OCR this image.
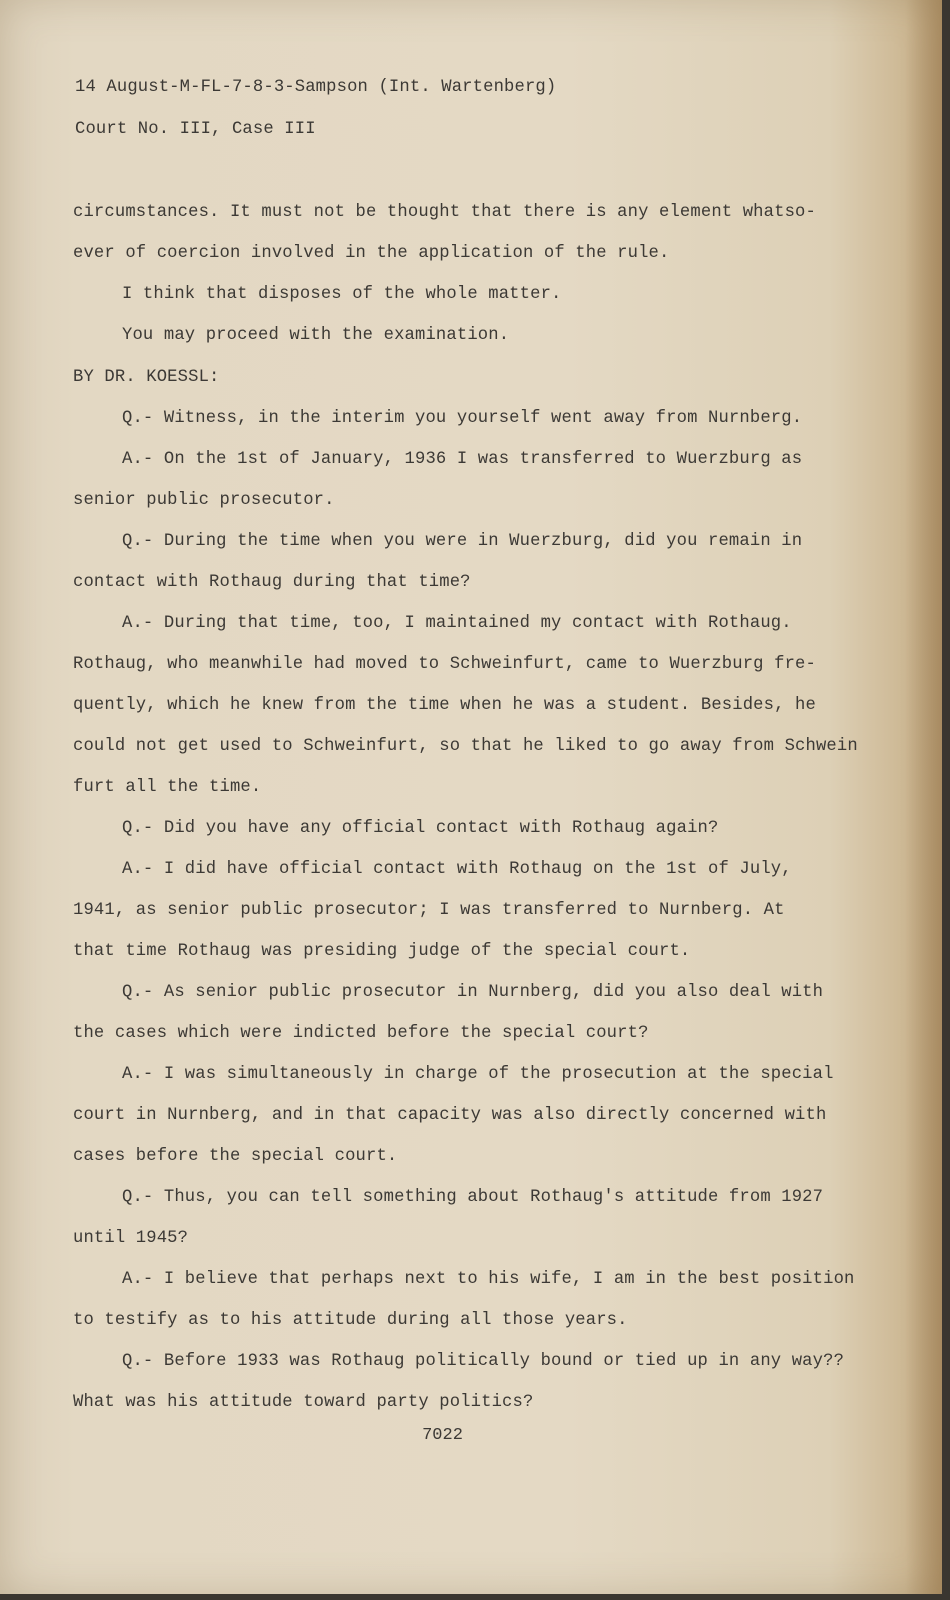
14 August-M-FL-7-8-3-Sampson (Int. Wartenberg)

Court No. III, Case III

circumstances. It must not be thought that there is any element whatso-

ever of coercion involved in the application of the rule.

I think that disposes of the whole matter.

You may proceed with the examination.

BY DR. KOESSL:

Q.- Witness, in the interim you yourself went away from Nurnberg.

A.- On the 1st of January, 1936 I was transferred to Wuerzburg as

senior public prosecutor.

Q.- During the time when you were in Wuerzburg, did you remain in

contact with Rothaug during that time?

A.- During that time, too, I maintained my contact with Rothaug.

Rothaug, who meanwhile had moved to Schweinfurt, came to Wuerzburg fre-

quently, which he knew from the time when he was a student. Besides, he

could not get used to Schweinfurt, so that he liked to go away from Schwein

furt all the time.

Q.- Did you have any official contact with Rothaug again?

A.- I did have official contact with Rothaug on the 1st of July,

1941, as senior public prosecutor; I was transferred to Nurnberg. At

that time Rothaug was presiding judge of the special court.

Q.- As senior public prosecutor in Nurnberg, did you also deal with

the cases which were indicted before the special court?

A.- I was simultaneously in charge of the prosecution at the special

court in Nurnberg, and in that capacity was also directly concerned with

cases before the special court.

Q.- Thus, you can tell something about Rothaug's attitude from 1927

until 1945?

A.- I believe that perhaps next to his wife, I am in the best position

to testify as to his attitude during all those years.

Q.- Before 1933 was Rothaug politically bound or tied up in any way??

What was his attitude toward party politics?

7022
